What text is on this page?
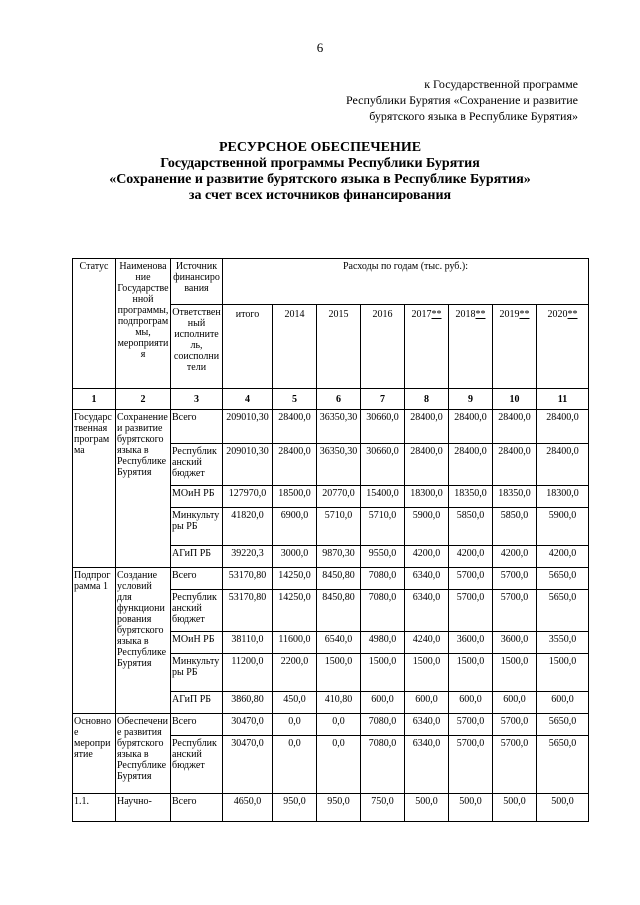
6
к Государственной программе
Республики Бурятия «Сохранение и развитие
бурятского языка в Республике Бурятия»
РЕСУРСНОЕ ОБЕСПЕЧЕНИЕ
Государственной программы Республики Бурятия
«Сохранение и развитие бурятского языка в Республике Бурятия»
за счет всех источников финансирования
Статус	Наименование Государственной программы, подпрограммы, мероприятия	Источник финансирования	Расходы по годам (тыс. руб.):							
		Ответственный исполнитель, соисполнители	итого	2014	2015	2016	2017**	2018**	2019**	2020**
1	2	3	4	5	6	7	8	9	10	11
Государственная программа	Сохранение и развитие бурятского языка в Республике Бурятия	Всего	209010,30	28400,0	36350,30	30660,0	28400,0	28400,0	28400,0	28400,0
		Республиканский бюджет	209010,30	28400,0	36350,30	30660,0	28400,0	28400,0	28400,0	28400,0
		МОиН РБ	127970,0	18500,0	20770,0	15400,0	18300,0	18350,0	18350,0	18300,0
		Минкультуры РБ	41820,0	6900,0	5710,0	5710,0	5900,0	5850,0	5850,0	5900,0
		АГиП РБ	39220,3	3000,0	9870,30	9550,0	4200,0	4200,0	4200,0	4200,0
Подпрограмма 1	Создание условий для функционирования бурятского языка в Республике Бурятия	Всего	53170,80	14250,0	8450,80	7080,0	6340,0	5700,0	5700,0	5650,0
		Республиканский бюджет	53170,80	14250,0	8450,80	7080,0	6340,0	5700,0	5700,0	5650,0
		МОиН РБ	38110,0	11600,0	6540,0	4980,0	4240,0	3600,0	3600,0	3550,0
		Минкультуры РБ	11200,0	2200,0	1500,0	1500,0	1500,0	1500,0	1500,0	1500,0
		АГиП РБ	3860,80	450,0	410,80	600,0	600,0	600,0	600,0	600,0
Основное мероприятие	Обеспечение развития бурятского языка в Республике Бурятия	Всего	30470,0	0,0	0,0	7080,0	6340,0	5700,0	5700,0	5650,0
		Республиканский бюджет	30470,0	0,0	0,0	7080,0	6340,0	5700,0	5700,0	5650,0
1.1.	Научно-	Всего	4650,0	950,0	950,0	750,0	500,0	500,0	500,0	500,0
